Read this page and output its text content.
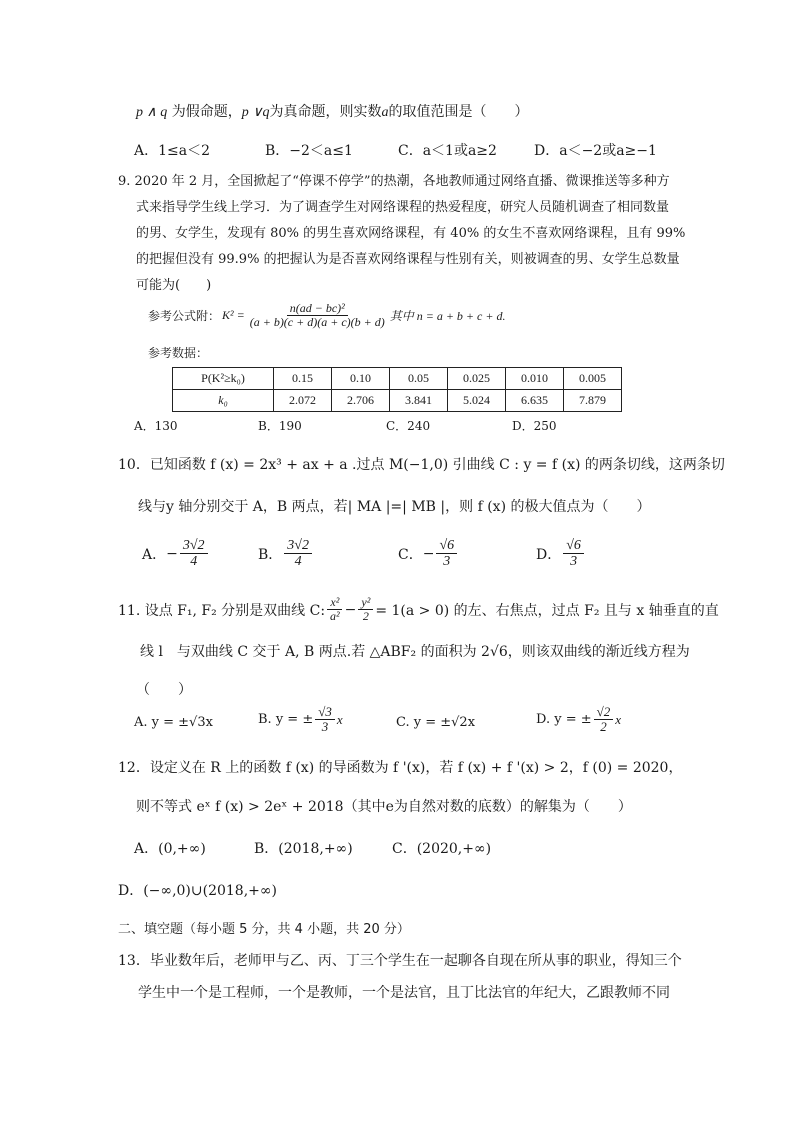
p ∧ q 为假命题，p ∨q为真命题，则实数a的取值范围是（　　）
A．1≤a＜2	B．−2＜a≤1	C．a＜1或a≥2	D．a＜−2或a≥−1
9. 2020 年 2 月，全国掀起了“停课不停学”的热潮，各地教师通过网络直播、微课推送等多种方
式来指导学生线上学习．为了调查学生对网络课程的热爱程度，研究人员随机调查了相同数量
的男、女学生，发现有 80% 的男生喜欢网络课程，有 40% 的女生不喜欢网络课程，且有 99%
的把握但没有 99.9% 的把握认为是否喜欢网络课程与性别有关，则被调查的男、女学生总数量
可能为(　　)
参考公式附： $K^2 = \frac{\text{n(ad − bc)²}}{(a + b)(c + d)(a + c)(b + d)}$ 其中 n = a + b + c + d.
参考数据：
P(K²≥k₀)	0.15	0.10	0.05	0.025	0.010	0.005
k₀	2.072	2.706	3.841	5.024	6.635	7.879
A．130	B．190	C．240	D．250
10．已知函数 f (x) = 2x³ + ax + a .过点 M(−1,0) 引曲线 C : y = f (x) 的两条切线，这两条切
线与y 轴分别交于 A，B 两点，若| MA |=| MB |，则 f (x) 的极大值点为（　　）
A． − $\frac{3√2}{4}$	B． $\frac{3√2}{4}$	C． − $\frac{√6}{3}$	D． $\frac{√6}{3}$
11. 设点 F₁, F₂ 分别是双曲线 C: $\frac{\text{x²}}{\text{a²}} - \frac{\text{y²}}{2} = 1(a > 0)$ 的左、右焦点，过点 F₂ 且与 x 轴垂直的直
线 l　与双曲线 C 交于 A, B 两点.若 △ABF₂ 的面积为 2√6，则该双曲线的渐近线方程为
（　　）
A. y = ±√3x	B. y = ± $\frac{√3}{3}$ x	C. y = ±√2x	D. y = ± $\frac{√2}{2}$ x
12．设定义在 R 上的函数 f (x) 的导函数为 f '(x)，若 f (x) + f '(x) > 2，f (0) = 2020，
则不等式 eˣ f (x) > 2eˣ + 2018（其中e为自然对数的底数）的解集为（　　）
A．(0,+∞)	B．(2018,+∞)	C．(2020,+∞)
D．(−∞,0)∪(2018,+∞)
二、填空题（每小题 5 分，共 4 小题，共 20 分）
13．毕业数年后，老师甲与乙、丙、丁三个学生在一起聊各自现在所从事的职业，得知三个
学生中一个是工程师，一个是教师，一个是法官，且丁比法官的年纪大，乙跟教师不同
